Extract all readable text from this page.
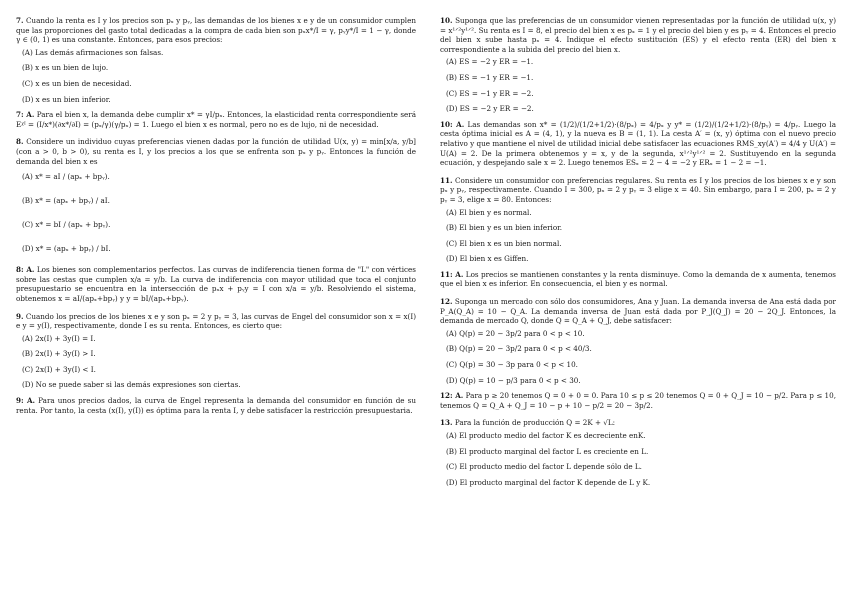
7. Cuando la renta es I y los precios son pₓ y pᵧ, las demandas de los bienes x e y de un consumidor cumplen que las proporciones del gasto total dedicadas a la compra de cada bien son pₓx*/I = γ, pᵧy*/I = 1 − γ, donde γ ∈ (0, 1) es una constante. Entonces, para esos precios:

(A) Las demás afirmaciones son falsas.
(B) x es un bien de lujo.
(C) x es un bien de necesidad.
(D) x es un bien inferior.

7: A. Para el bien x, la demanda debe cumplir x* = γI/pₓ. Entonces, la elasticidad renta correspondiente será Eᵡᴵ = (I/x*)(∂x*/∂I) = (pₓ/γ)(γ/pₓ) = 1. Luego el bien x es normal, pero no es de lujo, ni de necesidad.

8. Considere un individuo cuyas preferencias vienen dadas por la función de utilidad U(x, y) = min[x/a, y/b] (con a > 0, b > 0), su renta es I, y los precios a los que se enfrenta son pₓ y pᵧ. Entonces la función de demanda del bien x es

(A) x* = aI / (apₓ + bpᵧ).
(B) x* = (apₓ + bpᵧ) / aI.
(C) x* = bI / (apₓ + bpᵧ).
(D) x* = (apₓ + bpᵧ) / bI.

8: A. Los bienes son complementarios perfectos. Las curvas de indiferencia tienen forma de "L" con vértices sobre las cestas que cumplen x/a = y/b. La curva de indiferencia con mayor utilidad que toca el conjunto presupuestario se encuentra en la intersección de pₓx + pᵧy = I con x/a = y/b. Resolviendo el sistema, obtenemos x = aI/(apₓ+bpᵧ) y y = bI/(apₓ+bpᵧ).

9. Cuando los precios de los bienes x e y son pₓ = 2 y pᵧ = 3, las curvas de Engel del consumidor son x = x(I) e y = y(I), respectivamente, donde I es su renta. Entonces, es cierto que:

(A) 2x(I) + 3y(I) = I.
(B) 2x(I) + 3y(I) > I.
(C) 2x(I) + 3y(I) < I.
(D) No se puede saber si las demás expresiones son ciertas.

9: A. Para unos precios dados, la curva de Engel representa la demanda del consumidor en función de su renta. Por tanto, la cesta (x(I), y(I)) es óptima para la renta I, y debe satisfacer la restricción presupuestaria.

10. Suponga que las preferencias de un consumidor vienen representadas por la función de utilidad u(x, y) = x¹ᐟ²y¹ᐟ². Su renta es I = 8, el precio del bien x es pₓ = 1 y el precio del bien y es pᵧ = 4. Entonces el precio del bien x sube hasta pₓ = 4. Indique el efecto sustitución (ES) y el efecto renta (ER) del bien x correspondiente a la subida del precio del bien x.

(A) ES = −2 y ER = −1.
(B) ES = −1 y ER = −1.
(C) ES = −1 y ER = −2.
(D) ES = −2 y ER = −2.

10: A. Las demandas son x* = (1/2)/(1/2+1/2)·(8/pₓ) = 4/pₓ y y* = (1/2)/(1/2+1/2)·(8/pᵧ) = 4/pᵧ. Luego la cesta óptima inicial es A = (4, 1), y la nueva es B = (1, 1). La cesta A′ = (x, y) óptima con el nuevo precio relativo y que mantiene el nivel de utilidad inicial debe satisfacer las ecuaciones RMS_xy(A′) = 4/4 y U(A′) = U(A) = 2. De la primera obtenemos y = x, y de la segunda, x¹ᐟ²y¹ᐟ² = 2. Sustituyendo en la segunda ecuación, y despejando sale x = 2. Luego tenemos ESₓ = 2 − 4 = −2 y ERₓ = 1 − 2 = −1.

11. Considere un consumidor con preferencias regulares. Su renta es I y los precios de los bienes x e y son pₓ y pᵧ, respectivamente. Cuando I = 300, pₓ = 2 y pᵧ = 3 elige x = 40. Sin embargo, para I = 200, pₓ = 2 y pᵧ = 3, elige x = 80. Entonces:

(A) El bien y es normal.
(B) El bien y es un bien inferior.
(C) El bien x es un bien normal.
(D) El bien x es Giffen.

11: A. Los precios se mantienen constantes y la renta disminuye. Como la demanda de x aumenta, tenemos que el bien x es inferior. En consecuencia, el bien y es normal.

12. Suponga un mercado con sólo dos consumidores, Ana y Juan. La demanda inversa de Ana está dada por P_A(Q_A) = 10 − Q_A. La demanda inversa de Juan está dada por P_J(Q_J) = 20 − 2Q_J. Entonces, la demanda de mercado Q, donde Q = Q_A + Q_J, debe satisfacer:

(A) Q(p) = 20 − 3p/2 para 0 < p < 10.
(B) Q(p) = 20 − 3p/2 para 0 < p < 40/3.
(C) Q(p) = 30 − 3p para 0 < p < 10.
(D) Q(p) = 10 − p/3 para 0 < p < 30.

12: A. Para p ≥ 20 tenemos Q = 0 + 0 = 0. Para 10 ≤ p ≤ 20 tenemos Q = 0 + Q_J = 10 − p/2. Para p ≤ 10, tenemos Q = Q_A + Q_J = 10 − p + 10 − p/2 = 20 − 3p/2.

13. Para la función de producción Q = 2K + √L:

(A) El producto medio del factor K es decreciente enK.
(B) El producto marginal del factor L es creciente en L.
(C) El producto medio del factor L depende sólo de L.
(D) El producto marginal del factor K depende de L y K.
